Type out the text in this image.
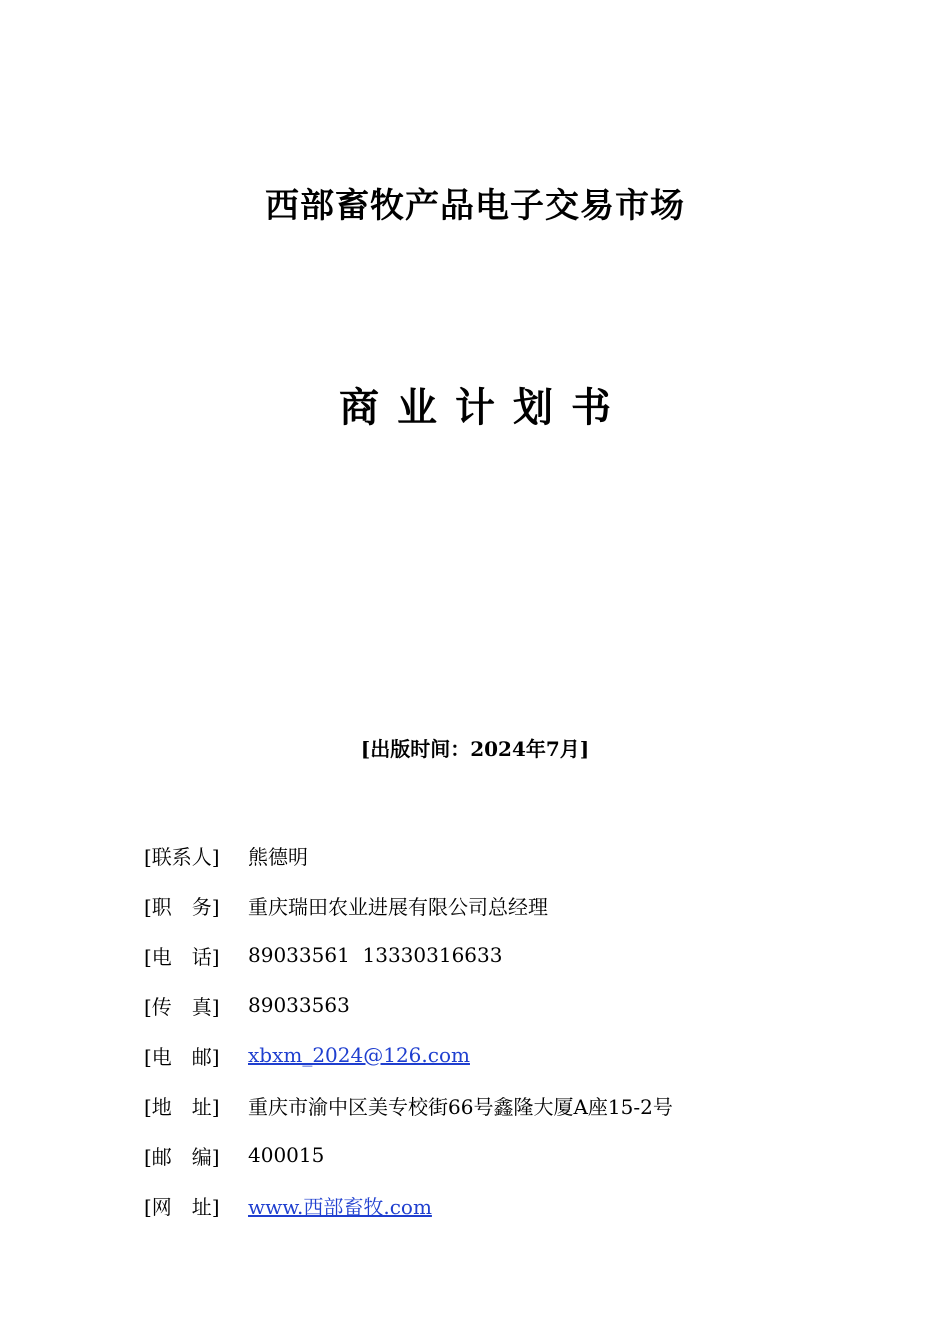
西部畜牧产品电子交易市场
商 业 计 划 书
[出版时间：2024年7月]
[联系人]	熊德明
[职　务]	重庆瑞田农业进展有限公司总经理
[电　话]	89033561  13330316633
[传　真]	89033563
[电　邮]	xbxm_2024@126.com
[地　址]	重庆市渝中区美专校街66号鑫隆大厦A座15-2号
[邮　编]	400015
[网　址]	www.西部畜牧.com
